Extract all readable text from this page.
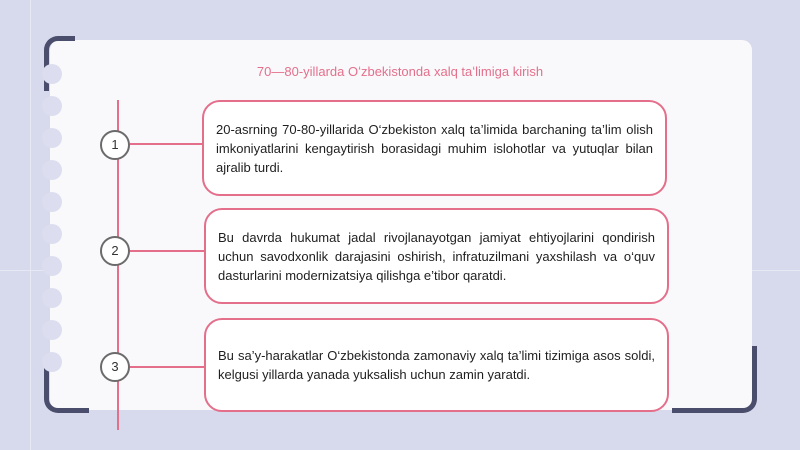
70—80-yillarda Oʻzbekistonda xalq taʻlimiga kirish
1

20-asrning 70-80-yillarida O‘zbekiston xalq ta’limida barchaning ta’lim olish imkoniyatlarini kengaytirish borasidagi muhim islohotlar va yutuqlar bilan ajralib turdi.

2

Bu davrda hukumat jadal rivojlanayotgan jamiyat ehtiyojlarini qondirish uchun savodxonlik darajasini oshirish, infratuzilmani yaxshilash va o‘quv dasturlarini modernizatsiya qilishga e’tibor qaratdi.

3

Bu sa’y-harakatlar O‘zbekistonda zamonaviy xalq ta’limi tizimiga asos soldi, kelgusi yillarda yanada yuksalish uchun zamin yaratdi.
